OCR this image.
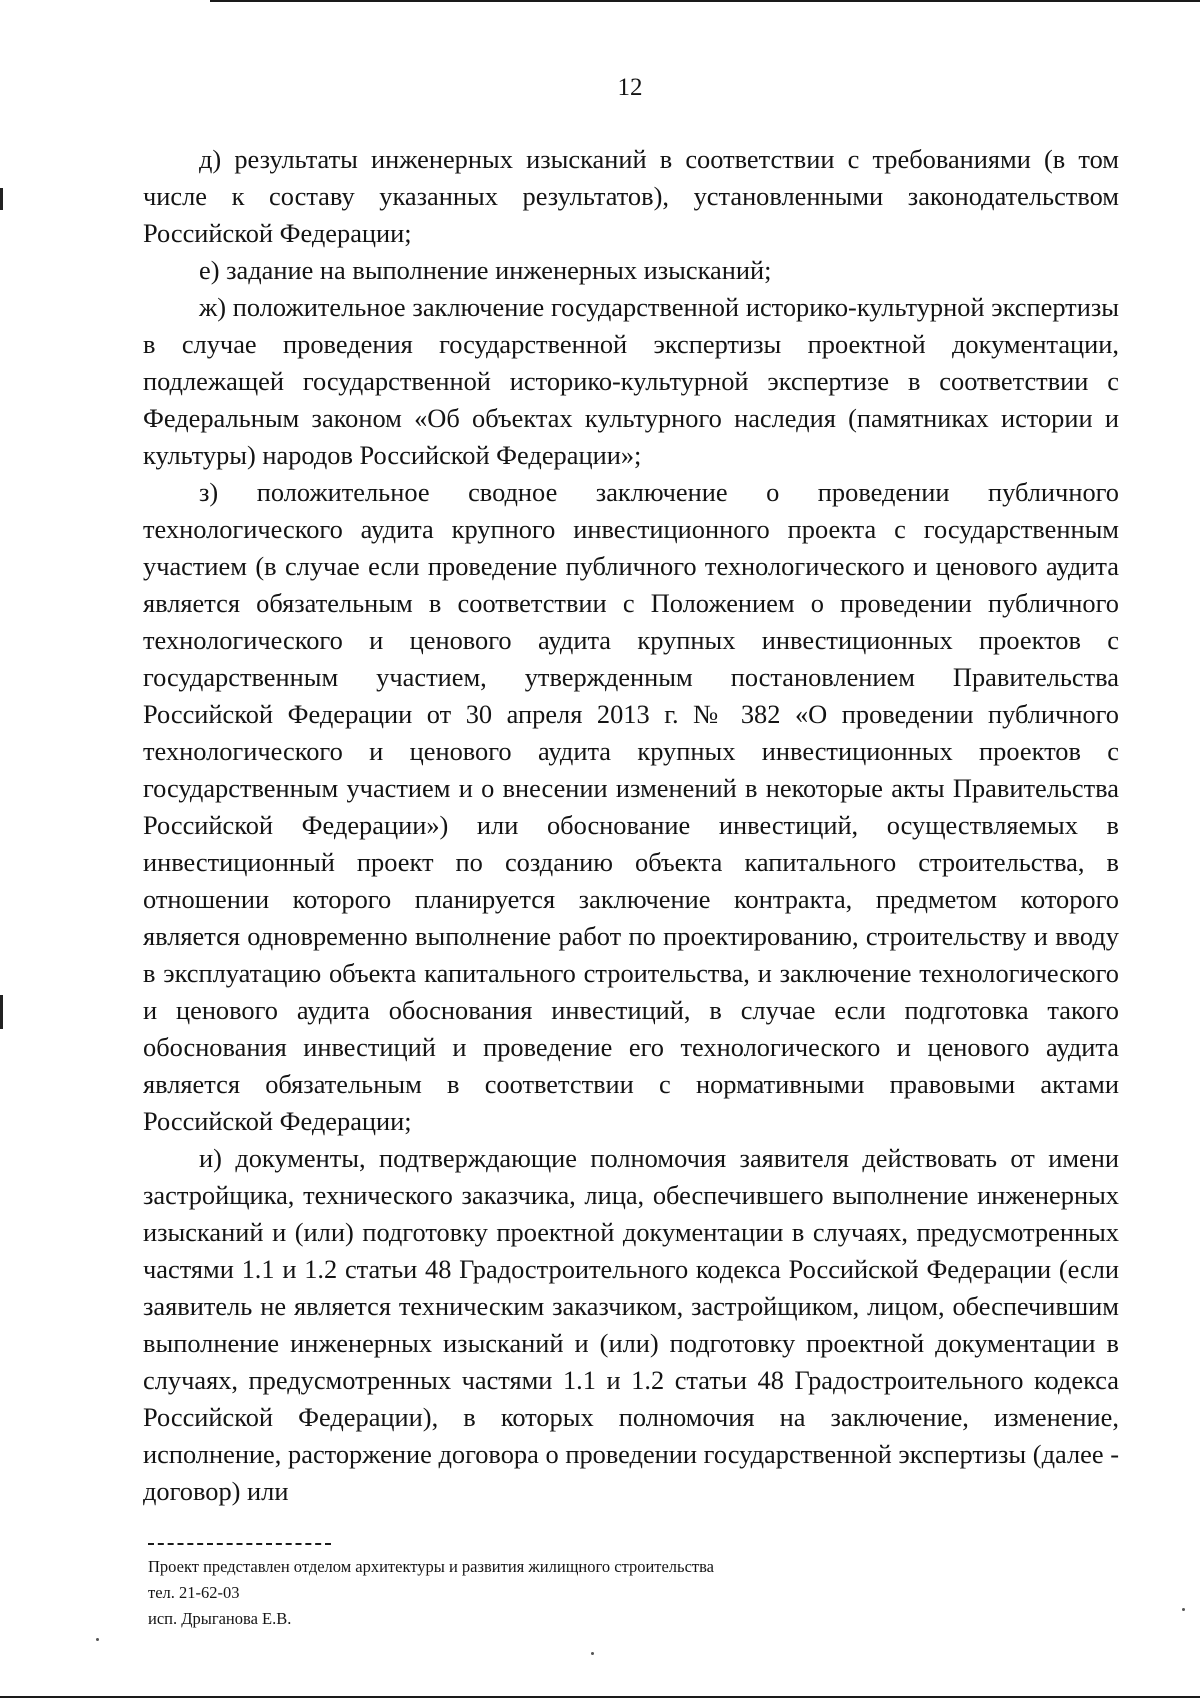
12

д) результаты инженерных изысканий в соответствии с требованиями (в том числе к составу указанных результатов), установленными законодательством Российской Федерации;

е) задание на выполнение инженерных изысканий;

ж) положительное заключение государственной историко-культурной экспертизы в случае проведения государственной экспертизы проектной документации, подлежащей государственной историко-культурной экспертизе в соответствии с Федеральным законом «Об объектах культурного наследия (памятниках истории и культуры) народов Российской Федерации»;

з) положительное сводное заключение о проведении публичного технологического аудита крупного инвестиционного проекта с государственным участием (в случае если проведение публичного технологического и ценового аудита является обязательным в соответствии с Положением о проведении публичного технологического и ценового аудита крупных инвестиционных проектов с государственным участием, утвержденным постановлением Правительства Российской Федерации от 30 апреля 2013 г. № 382 «О проведении публичного технологического и ценового аудита крупных инвестиционных проектов с государственным участием и о внесении изменений в некоторые акты Правительства Российской Федерации») или обоснование инвестиций, осуществляемых в инвестиционный проект по созданию объекта капитального строительства, в отношении которого планируется заключение контракта, предметом которого является одновременно выполнение работ по проектированию, строительству и вводу в эксплуатацию объекта капитального строительства, и заключение технологического и ценового аудита обоснования инвестиций, в случае если подготовка такого обоснования инвестиций и проведение его технологического и ценового аудита является обязательным в соответствии с нормативными правовыми актами Российской Федерации;

и) документы, подтверждающие полномочия заявителя действовать от имени застройщика, технического заказчика, лица, обеспечившего выполнение инженерных изысканий и (или) подготовку проектной документации в случаях, предусмотренных частями 1.1 и 1.2 статьи 48 Градостроительного кодекса Российской Федерации (если заявитель не является техническим заказчиком, застройщиком, лицом, обеспечившим выполнение инженерных изысканий и (или) подготовку проектной документации в случаях, предусмотренных частями 1.1 и 1.2 статьи 48 Градостроительного кодекса Российской Федерации), в которых полномочия на заключение, изменение, исполнение, расторжение договора о проведении государственной экспертизы (далее - договор) или

Проект представлен отделом архитектуры и развития жилищного строительства
тел. 21-62-03
исп. Дрыганова Е.В.
